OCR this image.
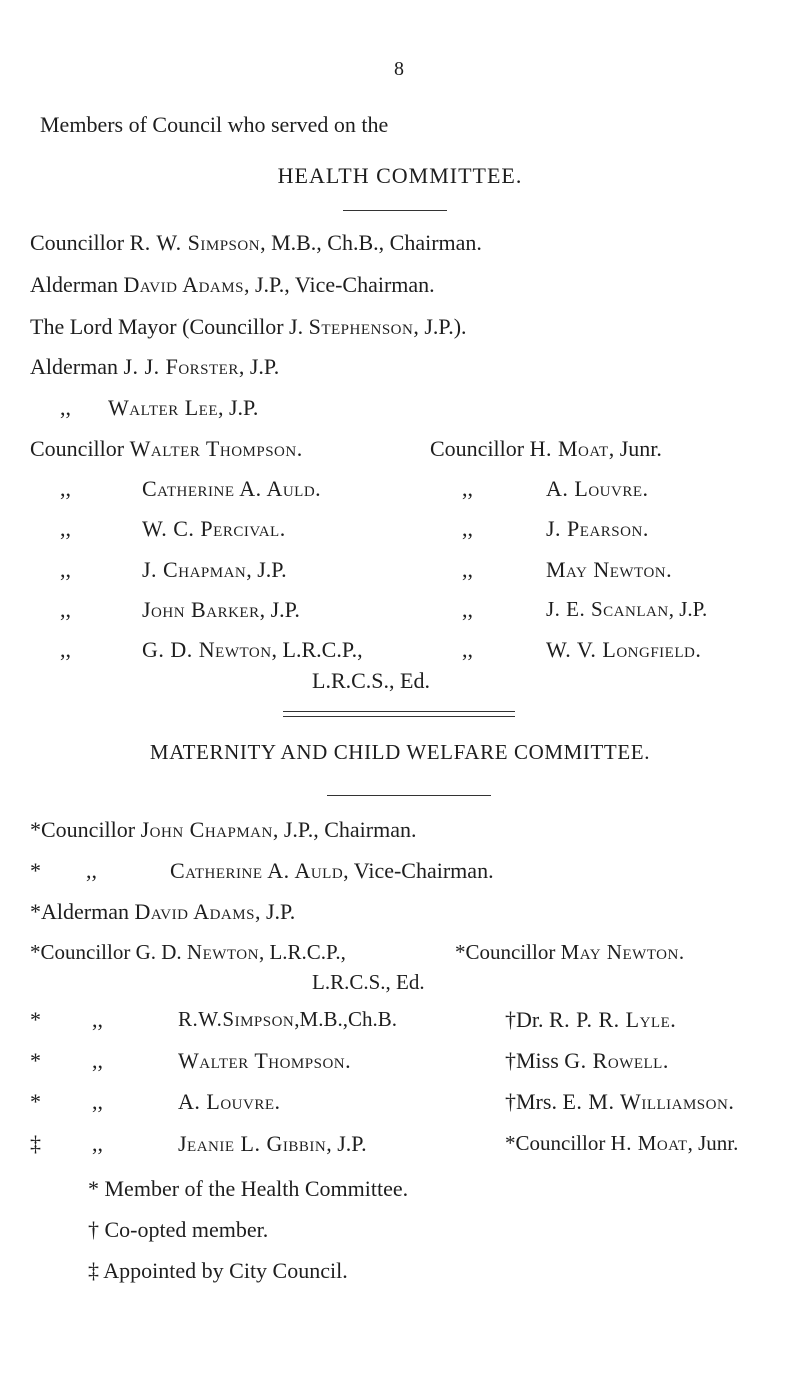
8
Members of Council who served on the
HEALTH COMMITTEE.
Councillor R. W. Simpson, M.B., Ch.B., Chairman.
Alderman David Adams, J.P., Vice-Chairman.
The Lord Mayor (Councillor J. Stephenson, J.P.).
Alderman J. J. Forster, J.P.
,,Walter Lee, J.P.
Councillor Walter Thompson.	Councillor H. Moat, Junr.
,,	Catherine A. Auld.	,,	A. Louvre.
,,	W. C. Percival.	,,	J. Pearson.
,,	J. Chapman, J.P.	,,	May Newton.
,,	John Barker, J.P.	,,	J. E. Scanlan, J.P.
,,	G. D. Newton, L.R.C.P.,	,,	W. V. Longfield.
L.R.C.S., Ed.
MATERNITY AND CHILD WELFARE COMMITTEE.
*Councillor John Chapman, J.P., Chairman.
* ,,	Catherine A. Auld, Vice-Chairman.
*Alderman David Adams, J.P.
*Councillor G. D. Newton, L.R.C.P.,	*Councillor May Newton.
L.R.C.S., Ed.
* ,,	R.W.Simpson,M.B.,Ch.B.	†Dr. R. P. R. Lyle.
* ,,	Walter Thompson.	†Miss G. Rowell.
* ,,	A. Louvre.	†Mrs. E. M. Williamson.
‡ ,,	Jeanie L. Gibbin, J.P.	*Councillor H. Moat, Junr.
* Member of the Health Committee.
† Co-opted member.
‡ Appointed by City Council.
